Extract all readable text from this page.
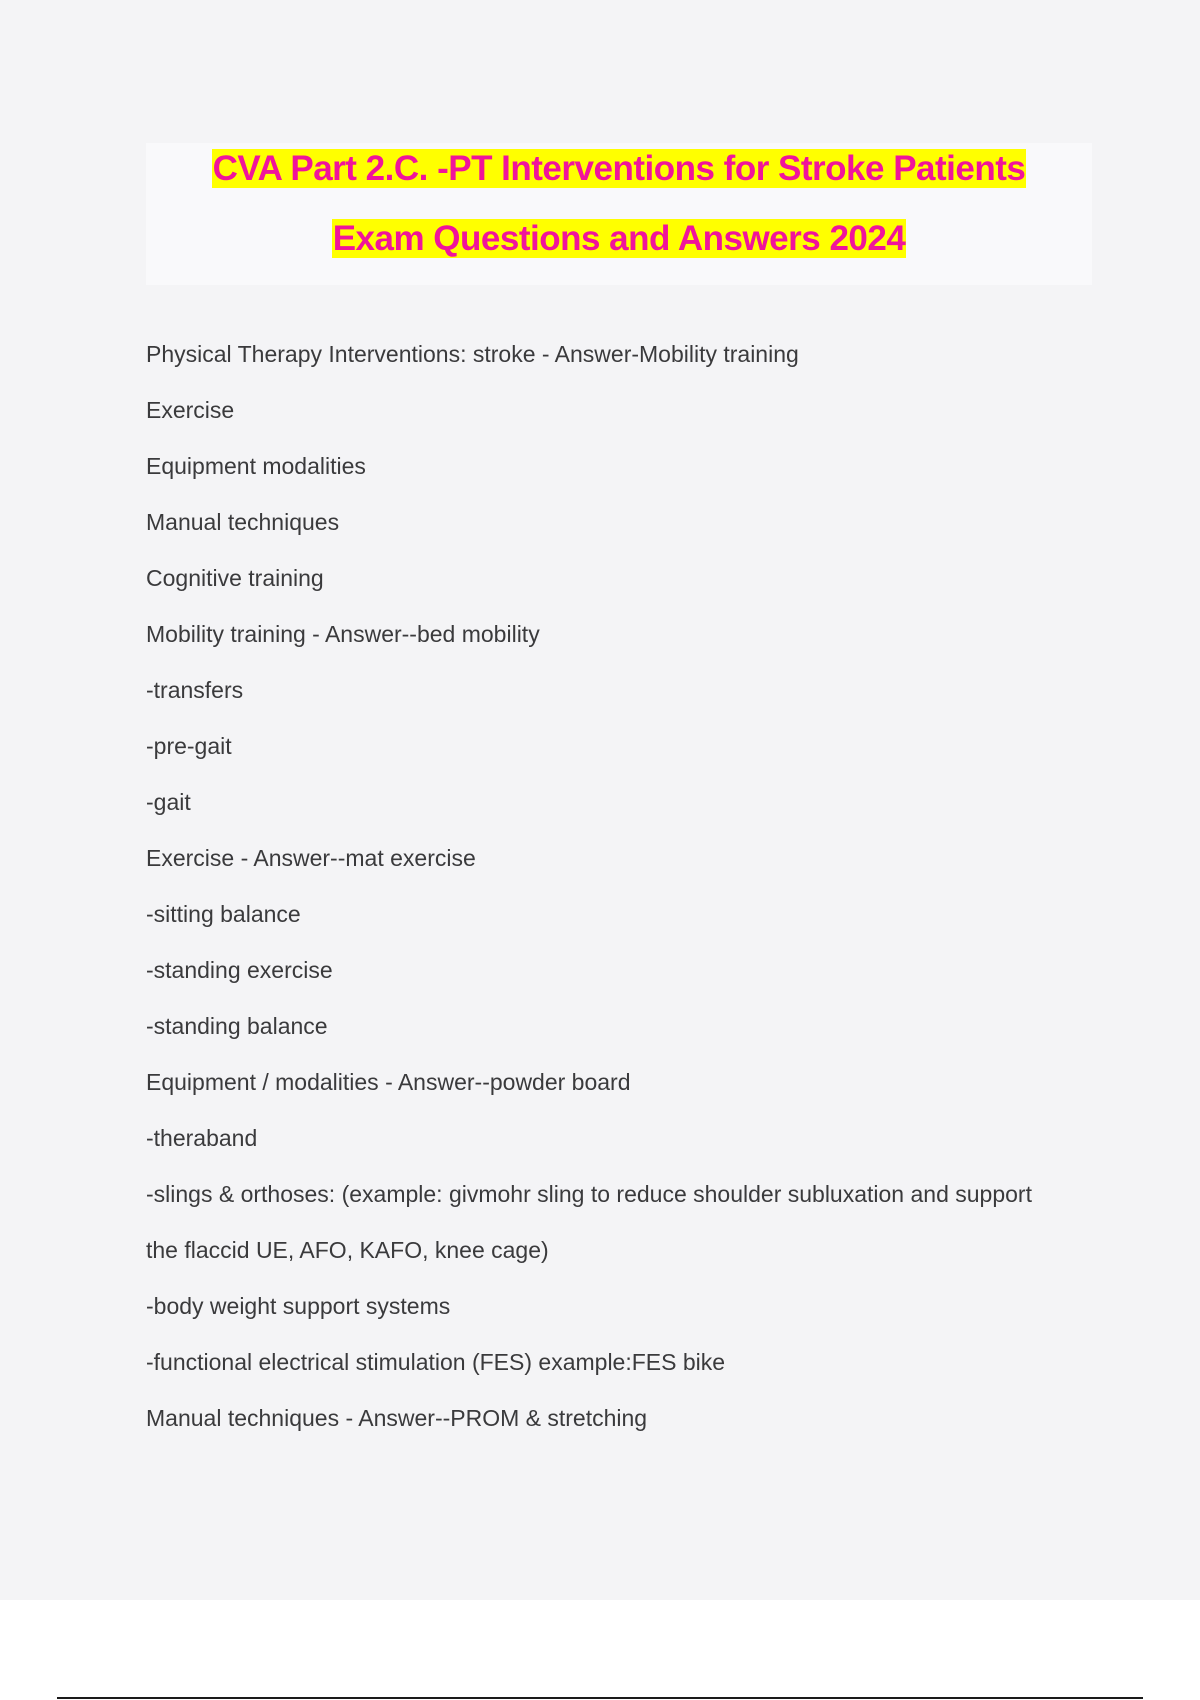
CVA Part 2.C. -PT Interventions for Stroke Patients
Exam Questions and Answers 2024
Physical Therapy Interventions: stroke - Answer-Mobility training
Exercise
Equipment modalities
Manual techniques
Cognitive training
Mobility training - Answer--bed mobility
-transfers
-pre-gait
-gait
Exercise - Answer--mat exercise
-sitting balance
-standing exercise
-standing balance
Equipment / modalities - Answer--powder board
-theraband
-slings & orthoses: (example: givmohr sling to reduce shoulder subluxation and support
the flaccid UE, AFO, KAFO, knee cage)
-body weight support systems
-functional electrical stimulation (FES) example:FES bike
Manual techniques - Answer--PROM & stretching
